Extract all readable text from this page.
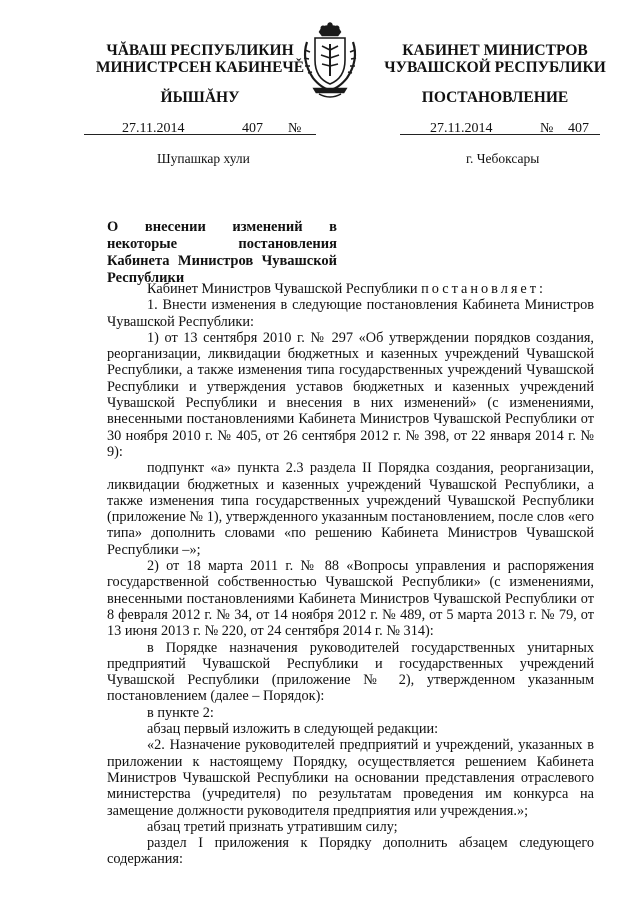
ЧĂВАШ РЕСПУБЛИКИН
МИНИСТРСЕН КАБИНЕЧĚ
КАБИНЕТ МИНИСТРОВ
ЧУВАШСКОЙ РЕСПУБЛИКИ
ЙЫШĂНУ	ПОСТАНОВЛЕНИЕ
27.11.2014	407 №	27.11.2014	№ 407
Шупашкар хули	г. Чебоксары
О внесении изменений в некоторые постановления Кабинета Министров Чувашской Республики

Кабинет Министров Чувашской Республики постановляет:

1. Внести изменения в следующие постановления Кабинета Министров Чувашской Республики:

1) от 13 сентября 2010 г. № 297 «Об утверждении порядков создания, реорганизации, ликвидации бюджетных и казенных учреждений Чувашской Республики, а также изменения типа государственных учреждений Чувашской Республики и утверждения уставов бюджетных и казенных учреждений Чувашской Республики и внесения в них изменений» (с изменениями, внесенными постановлениями Кабинета Министров Чувашской Республики от 30 ноября 2010 г. № 405, от 26 сентября 2012 г. № 398, от 22 января 2014 г. № 9):

подпункт «а» пункта 2.3 раздела II Порядка создания, реорганизации, ликвидации бюджетных и казенных учреждений Чувашской Республики, а также изменения типа государственных учреждений Чувашской Республики (приложение № 1), утвержденного указанным постановлением, после слов «его типа» дополнить словами «по решению Кабинета Министров Чувашской Республики –»;

2) от 18 марта 2011 г. № 88 «Вопросы управления и распоряжения государственной собственностью Чувашской Республики» (с изменениями, внесенными постановлениями Кабинета Министров Чувашской Республики от 8 февраля 2012 г. № 34, от 14 ноября 2012 г. № 489, от 5 марта 2013 г. № 79, от 13 июня 2013 г. № 220, от 24 сентября 2014 г. № 314):

в Порядке назначения руководителей государственных унитарных предприятий Чувашской Республики и государственных учреждений Чувашской Республики (приложение № 2), утвержденном указанным постановлением (далее – Порядок):

в пункте 2:

абзац первый изложить в следующей редакции:

«2. Назначение руководителей предприятий и учреждений, указанных в приложении к настоящему Порядку, осуществляется решением Кабинета Министров Чувашской Республики на основании представления отраслевого министерства (учредителя) по результатам проведения им конкурса на замещение должности руководителя предприятия или учреждения.»;

абзац третий признать утратившим силу;

раздел I приложения к Порядку дополнить абзацем следующего содержания:
